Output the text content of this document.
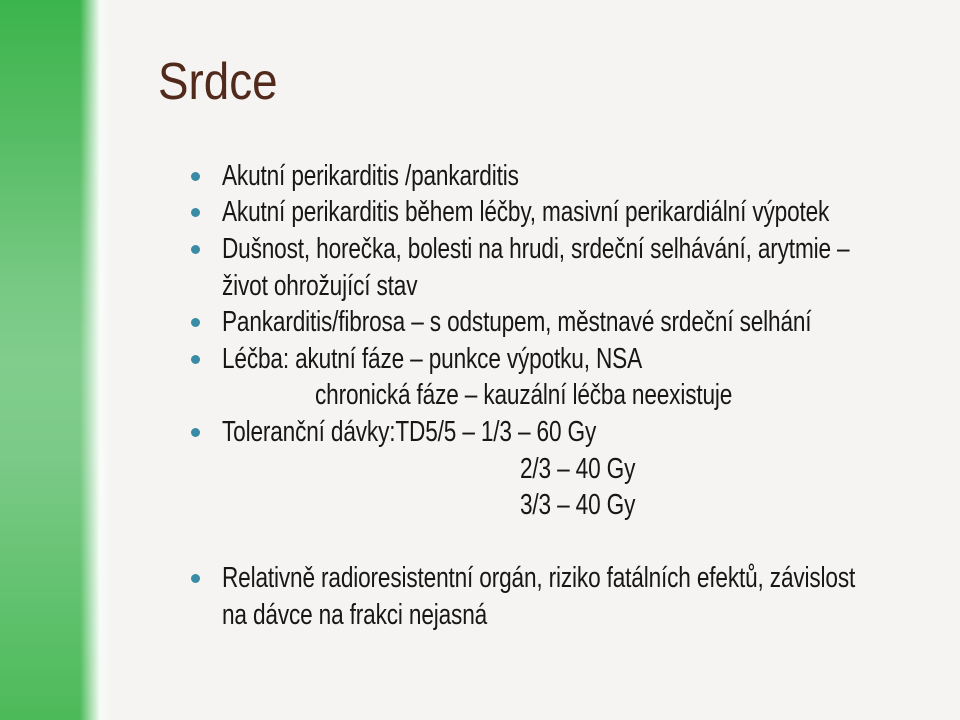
Srdce
Akutní perikarditis /pankarditis
Akutní perikarditis během léčby, masivní perikardiální výpotek
Dušnost, horečka, bolesti na hrudi, srdeční selhávání, arytmie –
život ohrožující stav
Pankarditis/fibrosa – s odstupem, městnavé srdeční selhání
Léčba: akutní fáze – punkce výpotku, NSA
chronická fáze – kauzální léčba neexistuje
Toleranční dávky:TD5/5 – 1/3 – 60 Gy
2/3 – 40 Gy
3/3 – 40 Gy
Relativně radioresistentní orgán, riziko fatálních efektů, závislost
na dávce na frakci nejasná
